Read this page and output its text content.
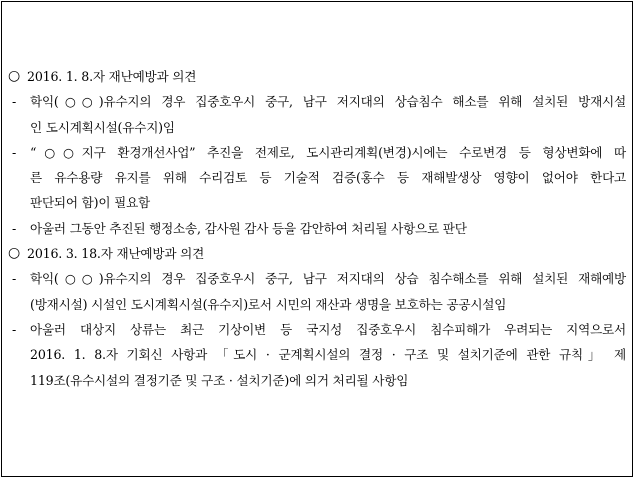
○ 2016. 1. 8.자 재난예방과 의견
- 학익(○○)유수지의 경우 집중호우시 중구, 남구 저지대의 상습침수 해소를 위해 설치된 방재시설
인 도시계획시설(유수지)임
- “○○지구 환경개선사업” 추진을 전제로, 도시관리계획(변경)시에는 수로변경 등 형상변화에 따
른 유수용량 유지를 위해 수리검토 등 기술적 검증(홍수 등 재해발생상 영향이 없어야 한다고
판단되어 함)이 필요함
- 아울러 그동안 추진된 행정소송, 감사원 감사 등을 감안하여 처리될 사항으로 판단
○ 2016. 3. 18.자 재난예방과 의견
- 학익(○○)유수지의 경우 집중호우시 중구, 남구 저지대의 상습 침수해소를 위해 설치된 재해예방
(방재시설) 시설인 도시계획시설(유수지)로서 시민의 재산과 생명을 보호하는 공공시설임
- 아울러 대상지 상류는 최근 기상이변 등 국지성 집중호우시 침수피해가 우려되는 지역으로서
2016. 1. 8.자 기회신 사항과 「도시 · 군계획시설의 결정 · 구조 및 설치기준에 관한 규칙」 제
119조(유수시설의 결정기준 및 구조 · 설치기준)에 의거 처리될 사항임
